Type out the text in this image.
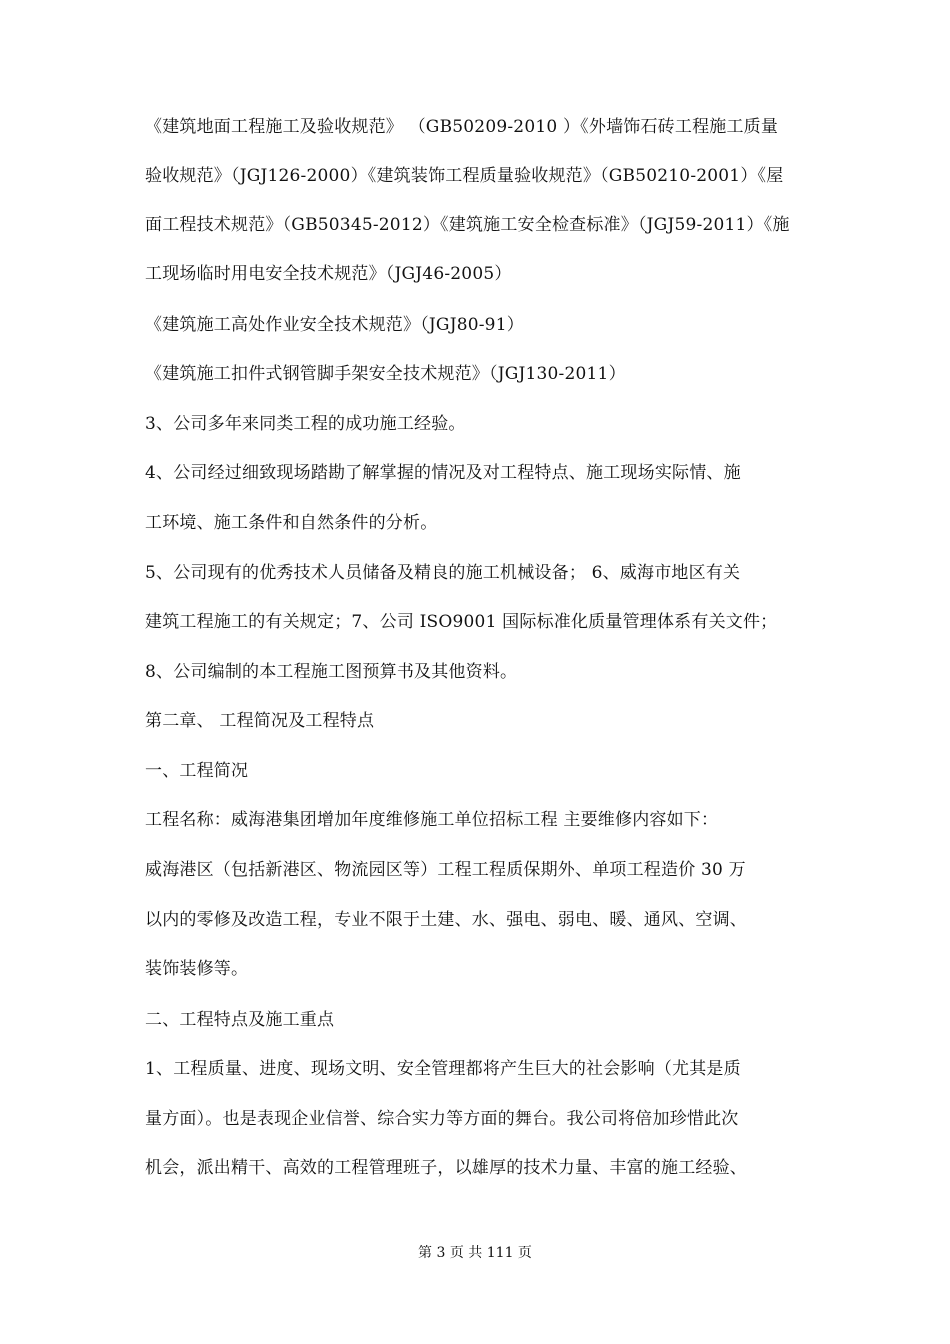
《建筑地面工程施工及验收规范》 （GB50209-2010 ）《外墙饰石砖工程施工质量
验收规范》（JGJ126-2000）《建筑装饰工程质量验收规范》（GB50210-2001）《屋
面工程技术规范》（GB50345-2012）《建筑施工安全检查标准》（JGJ59-2011）《施
工现场临时用电安全技术规范》（JGJ46-2005）
《建筑施工高处作业安全技术规范》（JGJ80-91）
《建筑施工扣件式钢管脚手架安全技术规范》（JGJ130-2011）
3、公司多年来同类工程的成功施工经验。
4、公司经过细致现场踏勘了解掌握的情况及对工程特点、施工现场实际情、施
工环境、施工条件和自然条件的分析。
5、公司现有的优秀技术人员储备及精良的施工机械设备； 6、威海市地区有关
建筑工程施工的有关规定；7、公司 ISO9001 国际标准化质量管理体系有关文件；
8、公司编制的本工程施工图预算书及其他资料。
第二章、 工程简况及工程特点
一、工程简况
工程名称：威海港集团增加年度维修施工单位招标工程 主要维修内容如下：
威海港区（包括新港区、物流园区等）工程工程质保期外、单项工程造价 30 万
以内的零修及改造工程，专业不限于土建、水、强电、弱电、暖、通风、空调、
装饰装修等。
二、工程特点及施工重点
1、工程质量、进度、现场文明、安全管理都将产生巨大的社会影响（尤其是质
量方面）。也是表现企业信誉、综合实力等方面的舞台。我公司将倍加珍惜此次
机会，派出精干、高效的工程管理班子，以雄厚的技术力量、丰富的施工经验、
第 3 页 共 111 页
